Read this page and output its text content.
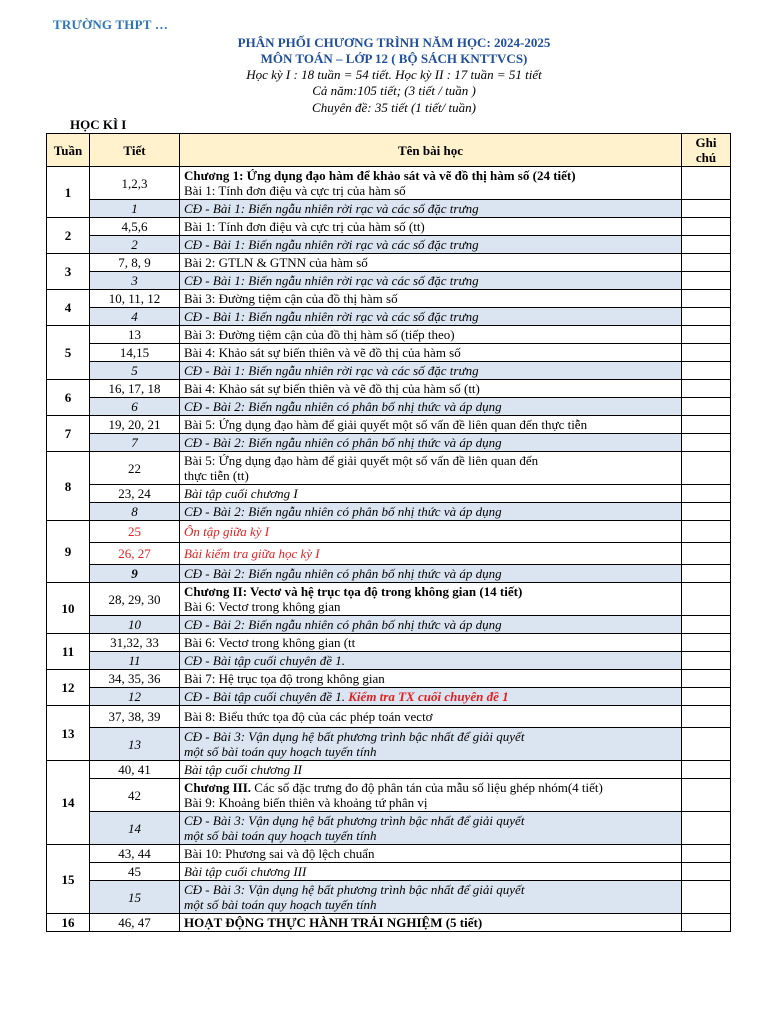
TRƯỜNG THPT …
PHÂN PHỐI CHƯƠNG TRÌNH NĂM HỌC: 2024-2025
MÔN TOÁN – LỚP 12 ( BỘ SÁCH KNTTVCS)
Học kỳ I : 18 tuần = 54 tiết. Học kỳ II : 17 tuần = 51 tiết
Cả năm:105 tiết; (3 tiết / tuần )
Chuyên đề: 35 tiết (1 tiết/ tuần)
HỌC KÌ I
Tuần	Tiết	Tên bài học	Ghi chú
1	1,2,3	Chương 1: Ứng dụng đạo hàm để khảo sát và vẽ đồ thị hàm số (24 tiết)
Bài 1: Tính đơn điệu và cực trị của hàm số	
	1	CĐ - Bài 1: Biến ngẫu nhiên rời rạc và các số đặc trưng	
2	4,5,6	Bài 1: Tính đơn điệu và cực trị của hàm số (tt)	
	2	CĐ - Bài 1: Biến ngẫu nhiên rời rạc và các số đặc trưng	
3	7, 8, 9	Bài 2: GTLN & GTNN của hàm số	
	3	CĐ - Bài 1: Biến ngẫu nhiên rời rạc và các số đặc trưng	
4	10, 11, 12	Bài 3: Đường tiệm cận của đồ thị hàm số	
	4	CĐ - Bài 1: Biến ngẫu nhiên rời rạc và các số đặc trưng	
5	13	Bài 3: Đường tiệm cận của đồ thị hàm số (tiếp theo)	
	14,15	Bài 4: Khảo sát sự biến thiên và vẽ đồ thị của hàm số	
	5	CĐ - Bài 1: Biến ngẫu nhiên rời rạc và các số đặc trưng	
6	16, 17, 18	Bài 4: Khảo sát sự biến thiên và vẽ đồ thị của hàm số (tt)	
	6	CĐ - Bài 2: Biến ngẫu nhiên có phân bố nhị thức và áp dụng	
7	19, 20, 21	Bài 5: Ứng dụng đạo hàm để giải quyết một số vấn đề liên quan đến thực tiễn	
	7	CĐ - Bài 2: Biến ngẫu nhiên có phân bố nhị thức và áp dụng	
8	22	Bài 5: Ứng dụng đạo hàm để giải quyết một số vấn đề liên quan đến
thực tiễn (tt)	
	23, 24	Bài tập cuối chương I	
	8	CĐ - Bài 2: Biến ngẫu nhiên có phân bố nhị thức và áp dụng	
9	25	Ôn tập giữa kỳ I	
	26, 27	Bài kiểm tra giữa học kỳ I	
	9	CĐ - Bài 2: Biến ngẫu nhiên có phân bố nhị thức và áp dụng	
10	28, 29, 30	Chương II: Vectơ và hệ trục tọa độ trong không gian (14 tiết)
Bài 6: Vectơ trong không gian	
	10	CĐ - Bài 2: Biến ngẫu nhiên có phân bố nhị thức và áp dụng	
11	31,32, 33	Bài 6: Vectơ trong không gian (tt	
	11	CĐ - Bài tập cuối chuyên đề 1.	
12	34, 35, 36	Bài 7: Hệ trục tọa độ trong không gian	
	12	CĐ - Bài tập cuối chuyên đề 1. Kiểm tra TX cuối chuyên đề 1	
13	37, 38, 39	Bài 8: Biểu thức tọa độ của các phép toán vectơ	
	13	CĐ - Bài 3: Vận dụng hệ bất phương trình bậc nhất để giải quyết
một số bài toán quy hoạch tuyến tính	
14	40, 41	Bài tập cuối chương II	
	42	Chương III. Các số đặc trưng đo độ phân tán của mẫu số liệu ghép nhóm(4 tiết)
Bài 9: Khoảng biến thiên và khoảng tứ phân vị	
	14	CĐ - Bài 3: Vận dụng hệ bất phương trình bậc nhất để giải quyết
một số bài toán quy hoạch tuyến tính	
15	43, 44	Bài 10: Phương sai và độ lệch chuẩn	
	45	Bài tập cuối chương III	
	15	CĐ - Bài 3: Vận dụng hệ bất phương trình bậc nhất để giải quyết
một số bài toán quy hoạch tuyến tính	
16	46, 47	HOẠT ĐỘNG THỰC HÀNH TRẢI NGHIỆM (5 tiết)	
